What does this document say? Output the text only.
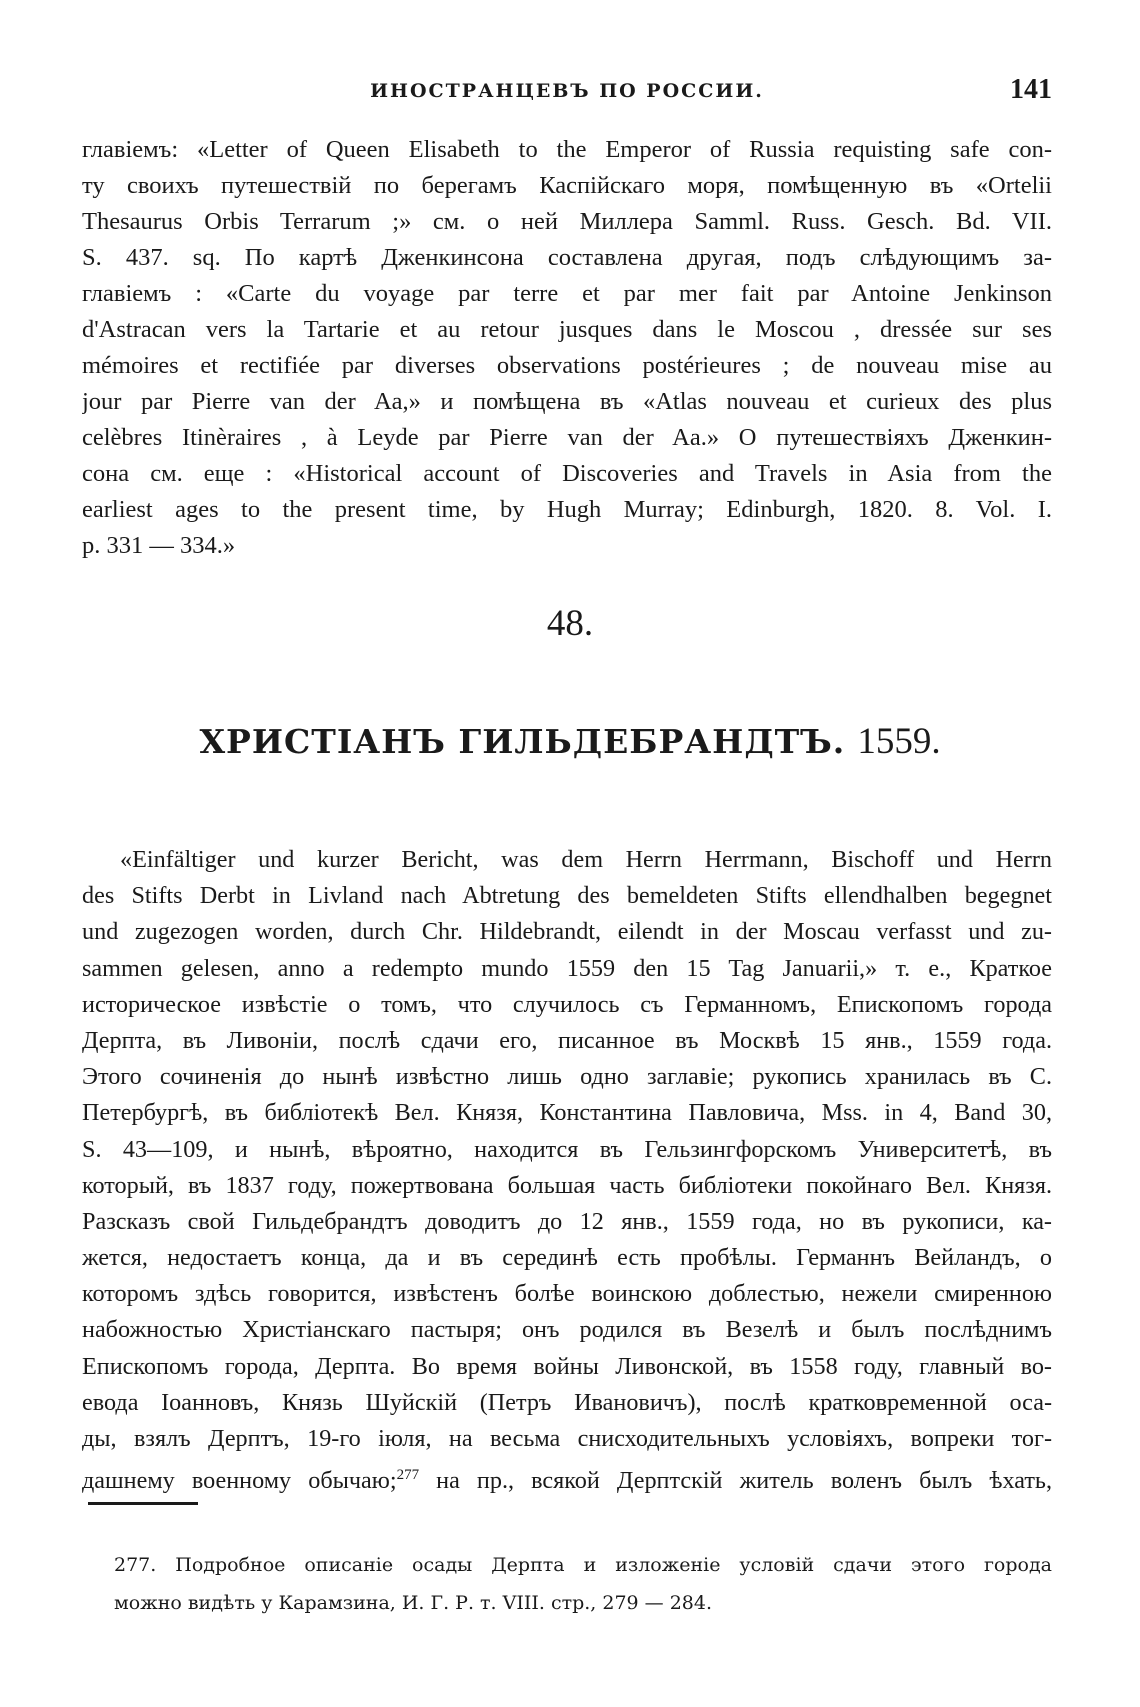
ИНОСТРАНЦЕВЪ ПО РОССИИ.	141
главіемъ: «Letter of Queen Elisabeth to the Emperor of Russia requisting safe con-
ту своихъ путешествій по берегамъ Каспійскаго моря, помѣщенную въ «Ortelii
Thesaurus Orbis Terrarum ;» см. о ней Миллера Samml. Russ. Gesch. Bd. VII.
S. 437. sq. По картѣ Дженкинсона составлена другая, подъ слѣдующимъ за-
главіемъ : «Carte du voyage par terre et par mer fait par Antoine Jenkinson
d'Astracan vers la Tartarie et au retour jusques dans le Moscou , dressée sur ses
mémoires et rectifiée par diverses observations postérieures ; de nouveau mise au
jour par Pierre van der Aa,» и помѣщена въ «Atlas nouveau et curieux des plus
celèbres Itinèraires , à Leyde par Pierre van der Aa.» О путешествіяхъ Дженкин-
сона см. еще : «Historical account of Discoveries and Travels in Asia from the
earliest ages to the present time, by Hugh Murray; Edinburgh, 1820. 8. Vol. I.
p. 331 — 334.»
48.
ХРИСТІАНЪ ГИЛЬДЕБРАНДТЪ. 1559.
«Einfältiger und kurzer Bericht, was dem Herrn Herrmann, Bischoff und Herrn
des Stifts Derbt in Livland nach Abtretung des bemeldeten Stifts ellendhalben begegnet
und zugezogen worden, durch Chr. Hildebrandt, eilendt in der Moscau verfasst und zu-
sammen gelesen, anno a redempto mundo 1559 den 15 Tag Januarii,» т. е., Краткое
историческое извѣстіе о томъ, что случилось съ Германномъ, Епископомъ города
Дерпта, въ Ливоніи, послѣ сдачи его, писанное въ Москвѣ 15 янв., 1559 года.
Этого сочиненія до нынѣ извѣстно лишь одно заглавіе; рукопись хранилась въ С.
Петербургѣ, въ библіотекѣ Вел. Князя, Константина Павловича, Mss. in 4, Band 30,
S. 43—109, и нынѣ, вѣроятно, находится въ Гельзингфорскомъ Университетѣ, въ
который, въ 1837 году, пожертвована большая часть библіотеки покойнаго Вел. Князя.
Разсказъ свой Гильдебрандтъ доводитъ до 12 янв., 1559 года, но въ рукописи, ка-
жется, недостаетъ конца, да и въ серединѣ есть пробѣлы. Германнъ Вейландъ, о
которомъ здѣсь говорится, извѣстенъ болѣе воинскою доблестью, нежели смиренною
набожностью Христіанскаго пастыря; онъ родился въ Везелѣ и былъ послѣднимъ
Епископомъ города, Дерпта. Во время войны Ливонской, въ 1558 году, главный во-
евода Іоанновъ, Князь Шуйскій (Петръ Ивановичъ), послѣ кратковременной оса-
ды, взялъ Дерптъ, 19-го іюля, на весьма снисходительныхъ условіяхъ, вопреки тог-
дашнему военному обычаю;$^{277}$ на пр., всякой Дерптскій житель воленъ былъ ѣхать,
277. Подробное описаніе осады Дерпта и изложеніе условій сдачи этого города
можно видѣть у Карамзина, И. Г. Р. т. VIII. стр., 279 — 284.
